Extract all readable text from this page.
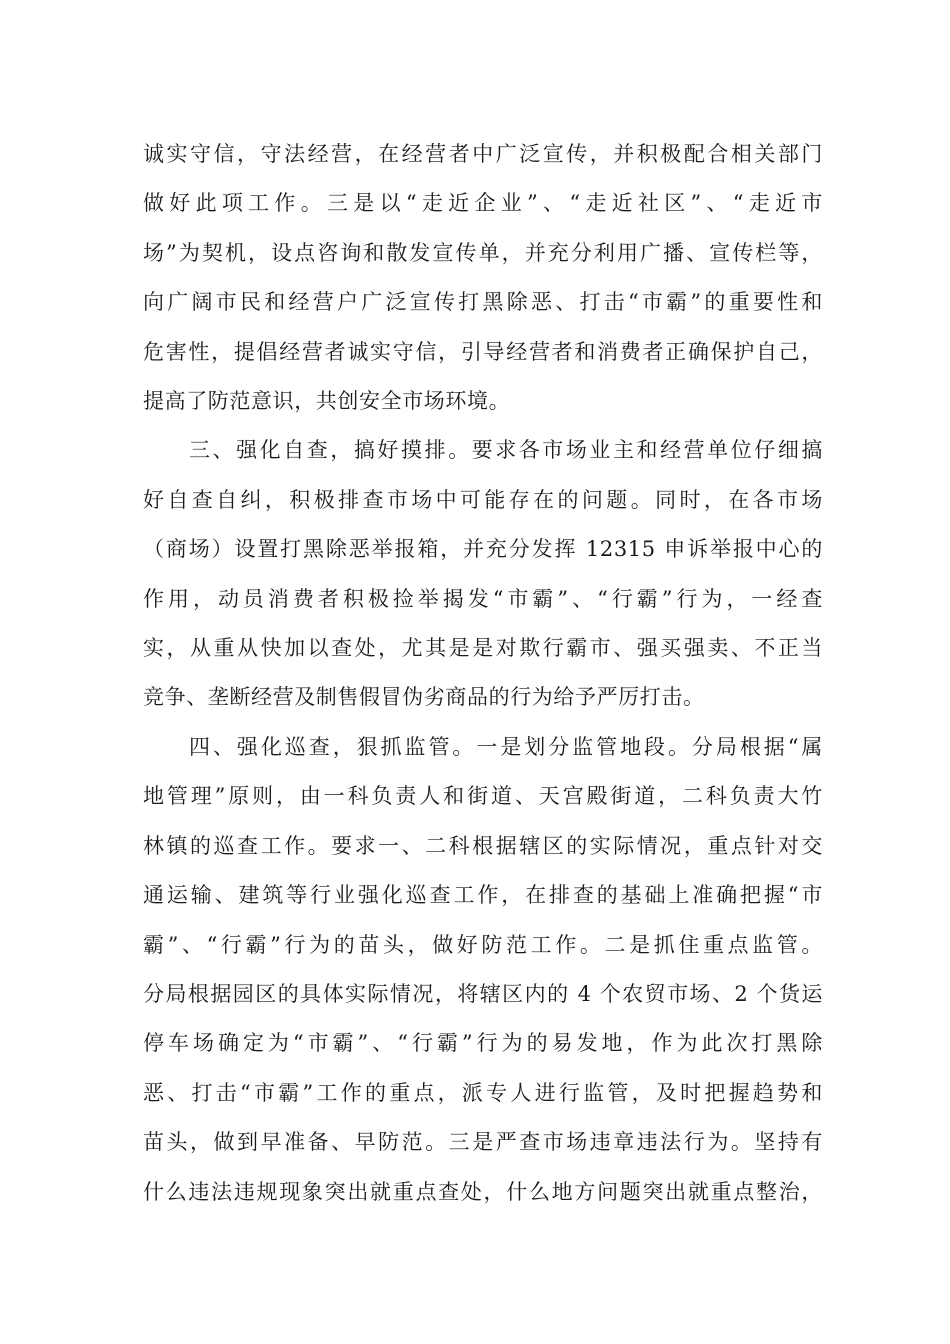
诚实守信，守法经营，在经营者中广泛宣传，并积极配合相关部门
做好此项工作。三是以“走近企业”、“走近社区”、“走近市
场”为契机，设点咨询和散发宣传单，并充分利用广播、宣传栏等，
向广阔市民和经营户广泛宣传打黑除恶、打击“市霸”的重要性和
危害性，提倡经营者诚实守信，引导经营者和消费者正确保护自己，
提高了防范意识，共创安全市场环境。
三、强化自查，搞好摸排。要求各市场业主和经营单位仔细搞
好自查自纠，积极排查市场中可能存在的问题。同时，在各市场
（商场）设置打黑除恶举报箱，并充分发挥 12315 申诉举报中心的
作用，动员消费者积极捡举揭发“市霸”、“行霸”行为，一经查
实，从重从快加以查处，尤其是是对欺行霸市、强买强卖、不正当
竞争、垄断经营及制售假冒伪劣商品的行为给予严厉打击。
四、强化巡查，狠抓监管。一是划分监管地段。分局根据“属
地管理”原则，由一科负责人和街道、天宫殿街道，二科负责大竹
林镇的巡查工作。要求一、二科根据辖区的实际情况，重点针对交
通运输、建筑等行业强化巡查工作，在排查的基础上准确把握“市
霸”、“行霸”行为的苗头，做好防范工作。二是抓住重点监管。
分局根据园区的具体实际情况，将辖区内的 4 个农贸市场、2 个货运
停车场确定为“市霸”、“行霸”行为的易发地，作为此次打黑除
恶、打击“市霸”工作的重点，派专人进行监管，及时把握趋势和
苗头，做到早准备、早防范。三是严查市场违章违法行为。坚持有
什么违法违规现象突出就重点查处，什么地方问题突出就重点整治，
